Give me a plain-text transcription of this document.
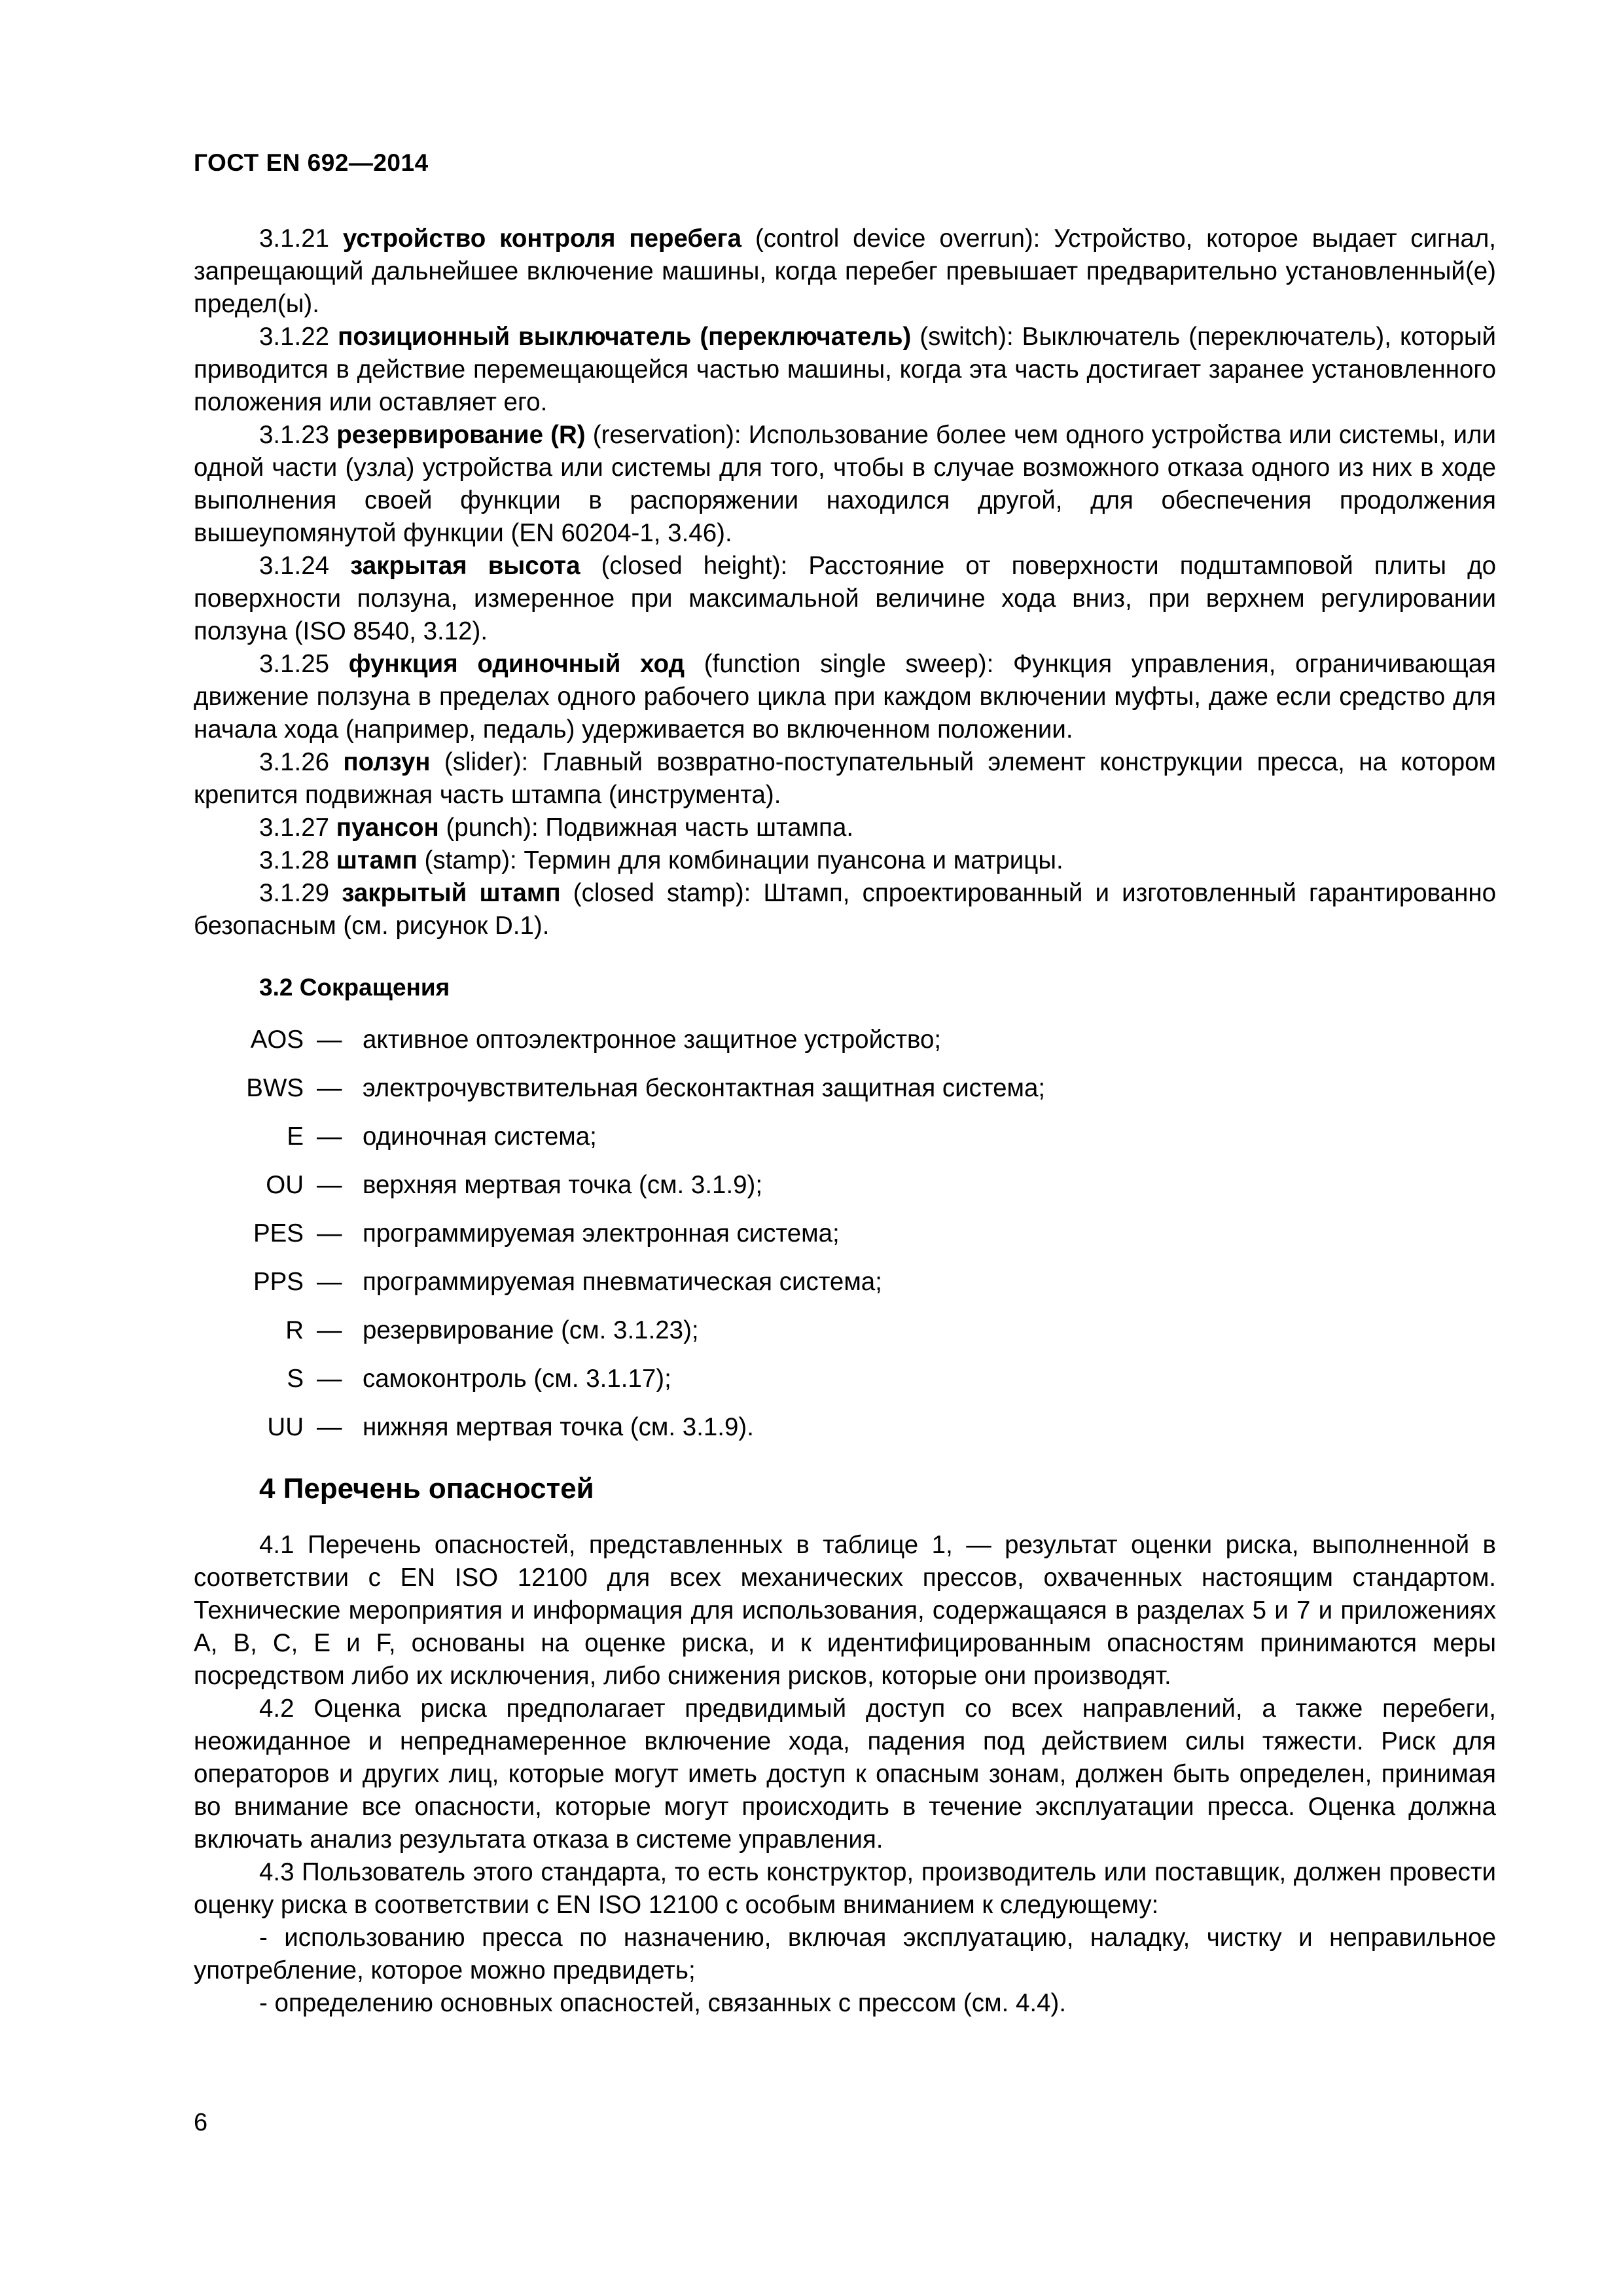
ГОСТ EN 692—2014

3.1.21 устройство контроля перебега (control device overrun): Устройство, которое выдает сигнал, запрещающий дальнейшее включение машины, когда перебег превышает предварительно установленный(е) предел(ы).

3.1.22 позиционный выключатель (переключатель) (switch): Выключатель (переключатель), который приводится в действие перемещающейся частью машины, когда эта часть достигает заранее установленного положения или оставляет его.

3.1.23 резервирование (R) (reservation): Использование более чем одного устройства или системы, или одной части (узла) устройства или системы для того, чтобы в случае возможного отказа одного из них в ходе выполнения своей функции в распоряжении находился другой, для обеспечения продолжения вышеупомянутой функции (EN 60204-1, 3.46).

3.1.24 закрытая высота (closed height): Расстояние от поверхности подштамповой плиты до поверхности ползуна, измеренное при максимальной величине хода вниз, при верхнем регулировании ползуна (ISO 8540, 3.12).

3.1.25 функция одиночный ход (function single sweep): Функция управления, ограничивающая движение ползуна в пределах одного рабочего цикла при каждом включении муфты, даже если средство для начала хода (например, педаль) удерживается во включенном положении.

3.1.26 ползун (slider): Главный возвратно-поступательный элемент конструкции пресса, на котором крепится подвижная часть штампа (инструмента).

3.1.27 пуансон (punch): Подвижная часть штампа.

3.1.28 штамп (stamp): Термин для комбинации пуансона и матрицы.

3.1.29 закрытый штамп (closed stamp): Штамп, спроектированный и изготовленный гарантированно безопасным (см. рисунок D.1).

3.2 Сокращения
AOS — активное оптоэлектронное защитное устройство;
BWS — электрочувствительная бесконтактная защитная система;
E — одиночная система;
OU — верхняя мертвая точка (см. 3.1.9);
PES — программируемая электронная система;
PPS — программируемая пневматическая система;
R — резервирование (см. 3.1.23);
S — самоконтроль (см. 3.1.17);
UU — нижняя мертвая точка (см. 3.1.9).
4 Перечень опасностей

4.1 Перечень опасностей, представленных в таблице 1, — результат оценки риска, выполненной в соответствии с EN ISO 12100 для всех механических прессов, охваченных настоящим стандартом. Технические мероприятия и информация для использования, содержащаяся в разделах 5 и 7 и приложениях A, B, C, E и F, основаны на оценке риска, и к идентифицированным опасностям принимаются меры посредством либо их исключения, либо снижения рисков, которые они производят.

4.2 Оценка риска предполагает предвидимый доступ со всех направлений, а также перебеги, неожиданное и непреднамеренное включение хода, падения под действием силы тяжести. Риск для операторов и других лиц, которые могут иметь доступ к опасным зонам, должен быть определен, принимая во внимание все опасности, которые могут происходить в течение эксплуатации пресса. Оценка должна включать анализ результата отказа в системе управления.

4.3 Пользователь этого стандарта, то есть конструктор, производитель или поставщик, должен провести оценку риска в соответствии с EN ISO 12100 с особым вниманием к следующему:

- использованию пресса по назначению, включая эксплуатацию, наладку, чистку и неправильное употребление, которое можно предвидеть;

- определению основных опасностей, связанных с прессом (см. 4.4).

6
